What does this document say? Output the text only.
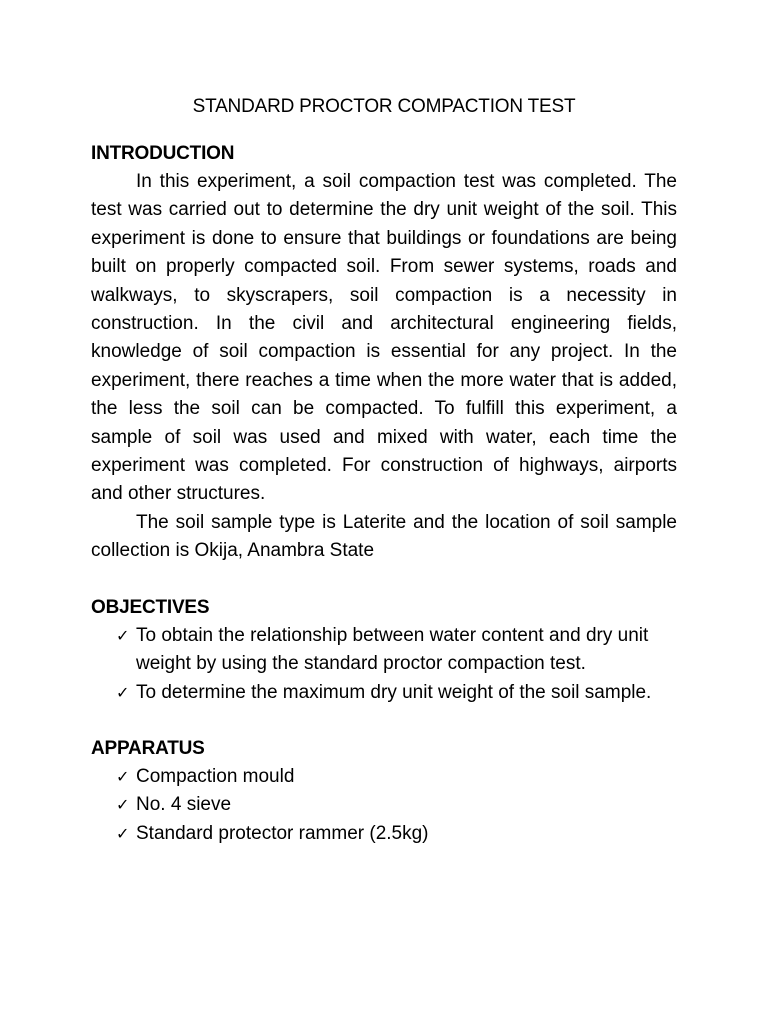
STANDARD PROCTOR COMPACTION TEST
INTRODUCTION

In this experiment, a soil compaction test was completed. The test was carried out to determine the dry unit weight of the soil. This experiment is done to ensure that buildings or foundations are being built on properly compacted soil. From sewer systems, roads and walkways, to skyscrapers, soil compaction is a necessity in construction. In the civil and architectural engineering fields, knowledge of soil compaction is essential for any project. In the experiment, there reaches a time when the more water that is added, the less the soil can be compacted. To fulfill this experiment, a sample of soil was used and mixed with water, each time the experiment was completed. For construction of highways, airports and other structures.

The soil sample type is Laterite and the location of soil sample collection is Okija, Anambra State

OBJECTIVES
✓ To obtain the relationship between water content and dry unit weight by using the standard proctor compaction test.
✓ To determine the maximum dry unit weight of the soil sample.
APPARATUS
✓ Compaction mould
✓ No. 4 sieve
✓ Standard protector rammer (2.5kg)
